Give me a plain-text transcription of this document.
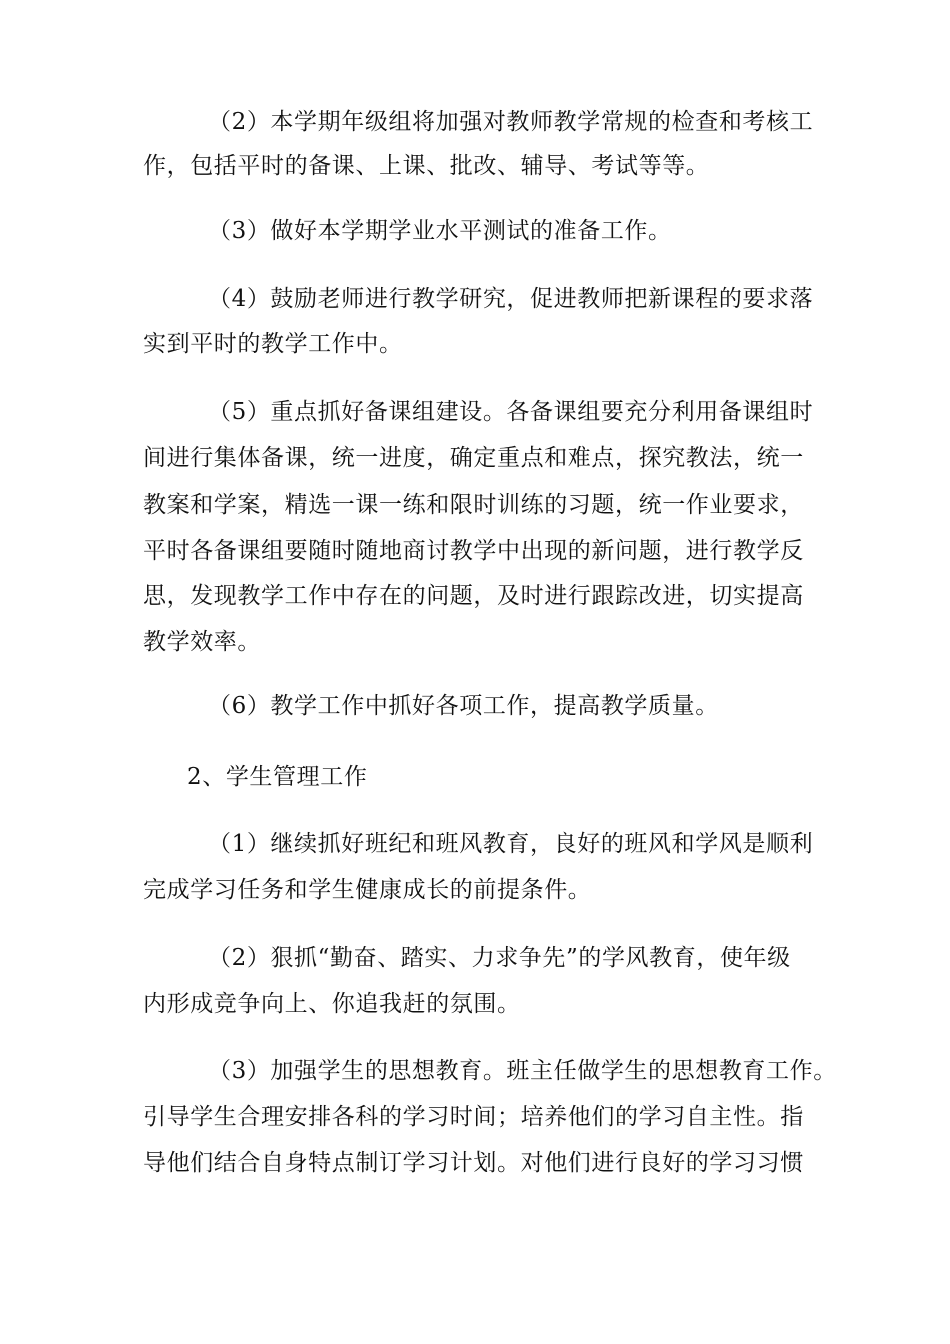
（2）本学期年级组将加强对教师教学常规的检查和考核工
作，包括平时的备课、上课、批改、辅导、考试等等。
（3）做好本学期学业水平测试的准备工作。
（4）鼓励老师进行教学研究，促进教师把新课程的要求落
实到平时的教学工作中。
（5）重点抓好备课组建设。各备课组要充分利用备课组时
间进行集体备课，统一进度，确定重点和难点，探究教法，统一
教案和学案，精选一课一练和限时训练的习题，统一作业要求，
平时各备课组要随时随地商讨教学中出现的新问题，进行教学反
思，发现教学工作中存在的问题，及时进行跟踪改进，切实提高
教学效率。
（6）教学工作中抓好各项工作，提高教学质量。
2、学生管理工作
（1）继续抓好班纪和班风教育，良好的班风和学风是顺利
完成学习任务和学生健康成长的前提条件。
（2）狠抓“勤奋、踏实、力求争先”的学风教育，使年级
内形成竞争向上、你追我赶的氛围。
（3）加强学生的思想教育。班主任做学生的思想教育工作。
引导学生合理安排各科的学习时间；培养他们的学习自主性。指
导他们结合自身特点制订学习计划。对他们进行良好的学习习惯
